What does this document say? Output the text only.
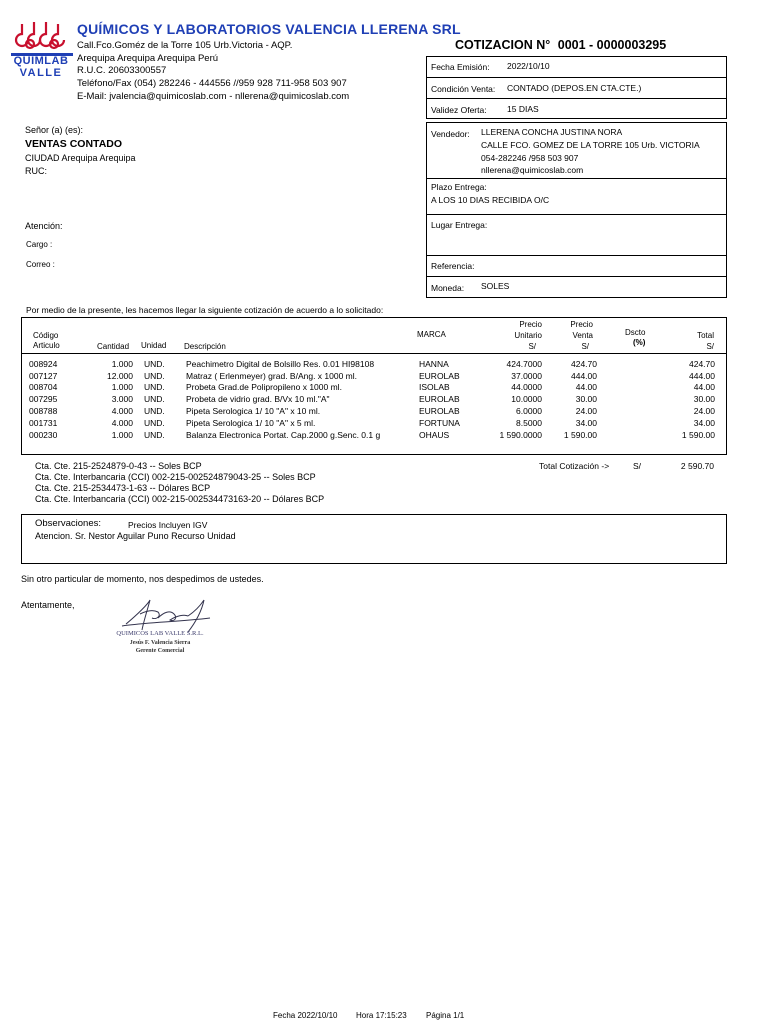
QUIMLAB
VALLE
QUÍMICOS Y LABORATORIOS VALENCIA LLERENA SRL
Call.Fco.Goméz de la Torre 105 Urb.Victoria - AQP.
Arequipa Arequipa Arequipa Perú
R.U.C. 20603300557
Teléfono/Fax (054) 282246 - 444556 //959 928 711-958 503 907
E-Mail: jvalencia@quimicoslab.com - nllerena@quimicoslab.com
COTIZACION N° 0001 - 0000003295
Fecha Emisión: 2022/10/10
Condición Venta: CONTADO (DEPOS.EN CTA.CTE.)
Validez Oferta: 15 DIAS
Vendedor: LLERENA CONCHA JUSTINA NORA
CALLE FCO. GOMEZ DE LA TORRE 105 Urb. VICTORIA
054-282246 /958 503 907
nllerena@quimicoslab.com
Plazo Entrega:
A LOS 10 DIAS RECIBIDA O/C
Lugar Entrega:
Referencia:
Moneda: SOLES
Señor (a) (es):
VENTAS CONTADO
CIUDAD Arequipa Arequipa
RUC:
Atención:
Cargo :
Correo :
Por medio de la presente, les hacemos llegar la siguiente cotización de acuerdo a lo solicitado:
Código
Articulo	Cantidad Unidad Descripción
MARCA
Precio
Unitario
S/
Precio
Venta
S/
Dscto
(%)
Total
S/
008924	1.000 UND. Peachimetro Digital de Bolsillo Res. 0.01 HI98108	HANNA	424.7000	424.70	424.70
007127	12.000 UND. Matraz ( Erlenmeyer) grad. B/Ang. x 1000 ml.	EUROLAB	37.0000	444.00	444.00
008704	1.000 UND. Probeta Grad.de Polipropileno x 1000 ml.	ISOLAB	44.0000	44.00	44.00
007295	3.000 UND. Probeta de vidrio grad. B/Vx 10 ml."A"	EUROLAB	10.0000	30.00	30.00
008788	4.000 UND. Pipeta Serologica 1/ 10 "A" x 10 ml.	EUROLAB	6.0000	24.00	24.00
001731	4.000 UND. Pipeta Serologica 1/ 10 "A" x 5 ml.	FORTUNA	8.5000	34.00	34.00
000230	1.000 UND. Balanza Electronica Portat. Cap.2000 g.Senc. 0.1 g	OHAUS	1 590.0000	1 590.00	1 590.00
Cta. Cte. 215-2524879-0-43 -- Soles BCP
Cta. Cte. Interbancaria (CCI) 002-215-002524879043-25 -- Soles BCP
Cta. Cte. 215-2534473-1-63 -- Dólares BCP
Cta. Cte. Interbancaria (CCI) 002-215-002534473163-20 -- Dólares BCP
Total Cotización ->	S/	2 590.70
Observaciones:	Precios Incluyen IGV
Atencion. Sr. Nestor Aguilar Puno Recurso Unidad
Sin otro particular de momento, nos despedimos de ustedes.
Atentamente,
QUIMICOS LAB VALLE S.R.L.
Jesús F. Valencia Sierra
Gerente Comercial
Fecha 2022/10/10 Hora 17:15:23 Página 1/1
